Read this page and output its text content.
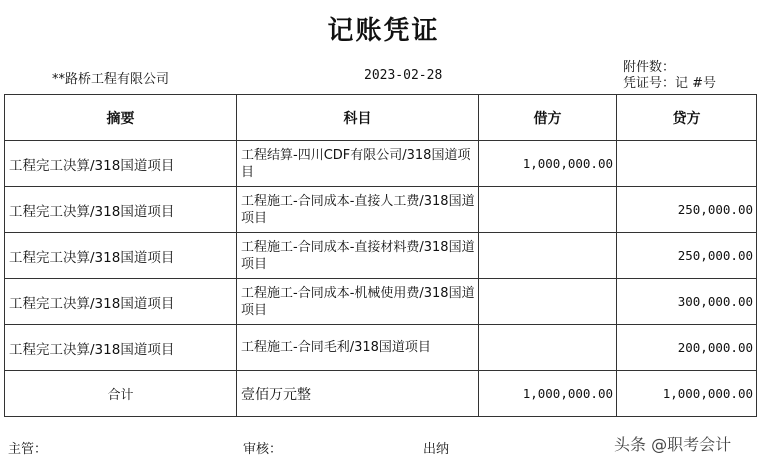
记账凭证
**路桥工程有限公司	2023-02-28
附件数：
凭证号：记 #号
摘要	科目	借方	贷方
工程完工决算/318国道项目	工程结算-四川CDF有限公司/318国道项目	1,000,000.00	
工程完工决算/318国道项目	工程施工-合同成本-直接人工费/318国道项目		250,000.00
工程完工决算/318国道项目	工程施工-合同成本-直接材料费/318国道项目		250,000.00
工程完工决算/318国道项目	工程施工-合同成本-机械使用费/318国道项目		300,000.00
工程完工决算/318国道项目	工程施工-合同毛利/318国道项目		200,000.00
合计	壹佰万元整	1,000,000.00	1,000,000.00
主管：	审核：	出纳	头条 @职考会计
